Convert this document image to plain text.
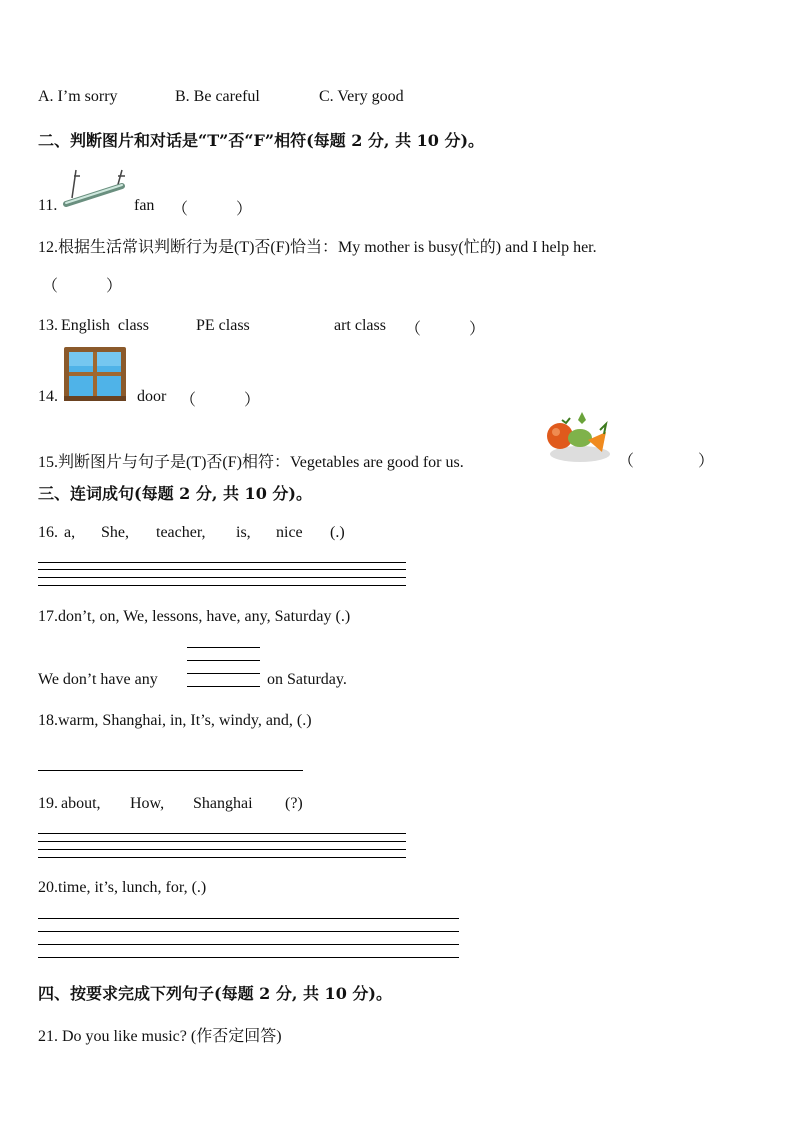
A. I’m sorry	B. Be careful	C. Very good
二、判断图片和对话是“T”否“F”相符(每题 2 分, 共 10 分)。
11.	fan （　　　）
12.根据生活常识判断行为是(T)否(F)恰当：My mother is busy(忙的) and I help her.
（　　　）
13. English  class	PE class	art class （　　　）
14.	door （　　　）
15.判断图片与句子是(T)否(F)相符：Vegetables are good for us.	（　　　　）
三、连词成句(每题 2 分, 共 10 分)。
16. a, She, teacher, is, nice (.)
17.don’t, on, We, lessons, have, any, Saturday (.)
We don’t have any	on Saturday.
18.warm, Shanghai, in, It’s, windy, and, (.)
19. about, How, Shanghai (?)
20.time, it’s, lunch, for, (.)
四、按要求完成下列句子(每题 2 分, 共 10 分)。
21. Do you like music? (作否定回答)
